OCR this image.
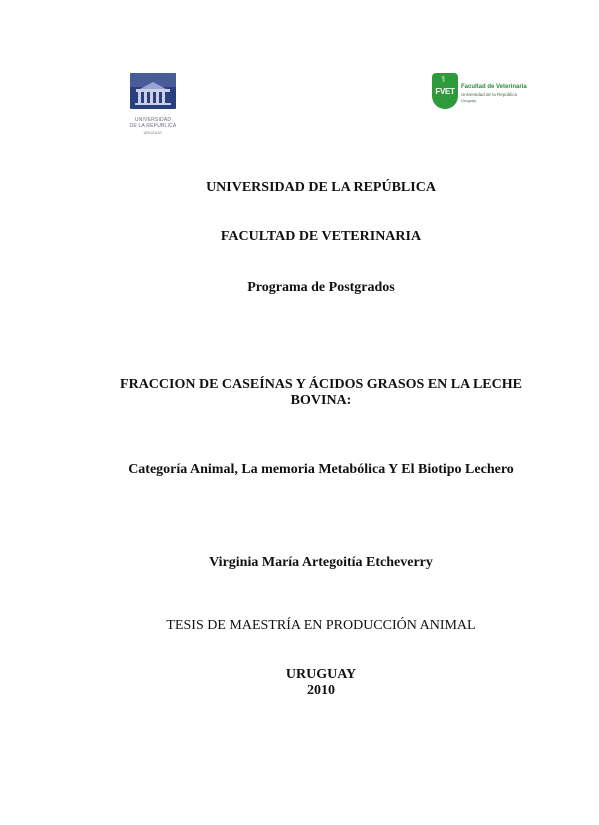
UNIVERSIDAD
DE LA REPUBLICA
URUGUAY
⚕
FVET Facultad de Veterinaria
Universidad de la República
Uruguay
UNIVERSIDAD DE LA REPÚBLICA
FACULTAD DE VETERINARIA
Programa de Postgrados
FRACCION DE CASEÍNAS Y ÁCIDOS GRASOS EN LA LECHE
BOVINA:
Categoría Animal, La memoria Metabólica Y El Biotipo Lechero
Virginia María Artegoitía Etcheverry
TESIS DE MAESTRÍA EN PRODUCCIÓN ANIMAL
URUGUAY
2010
